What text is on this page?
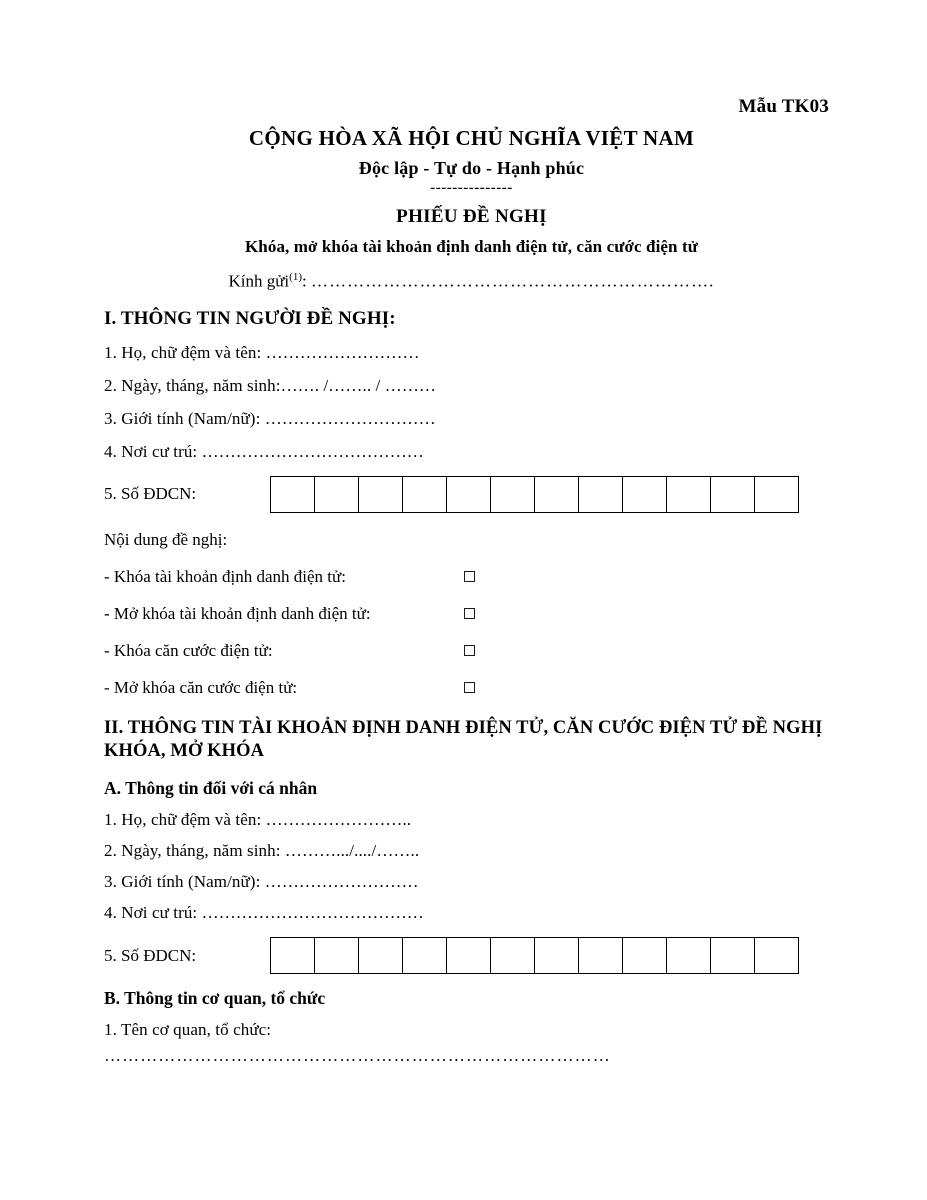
Mẫu TK03
CỘNG HÒA XÃ HỘI CHỦ NGHĨA VIỆT NAM
Độc lập - Tự do - Hạnh phúc
---------------
PHIẾU ĐỀ NGHỊ
Khóa, mở khóa tài khoản định danh điện tử, căn cước điện tử
Kính gửi$^{(1)}$: ………………………………………………………….
I. THÔNG TIN NGƯỜI ĐỀ NGHỊ:
1. Họ, chữ đệm và tên: ………………………
2. Ngày, tháng, năm sinh:……. /…….. / ………
3. Giới tính (Nam/nữ): …………………………
4. Nơi cư trú: …………………………………
5. Số ĐDCN:
Nội dung đề nghị:
- Khóa tài khoản định danh điện tử:
- Mở khóa tài khoản định danh điện tử:
- Khóa căn cước điện tử:
- Mở khóa căn cước điện tử:
II. THÔNG TIN TÀI KHOẢN ĐỊNH DANH ĐIỆN TỬ, CĂN CƯỚC ĐIỆN TỬ ĐỀ NGHỊ KHÓA, MỞ KHÓA
A. Thông tin đối với cá nhân
1. Họ, chữ đệm và tên: ……………………..
2. Ngày, tháng, năm sinh: ……….../..../……..
3. Giới tính (Nam/nữ): ………………………
4. Nơi cư trú: …………………………………
5. Số ĐDCN:
B. Thông tin cơ quan, tổ chức
1. Tên cơ quan, tổ chức:
…………………………………………………………………………
